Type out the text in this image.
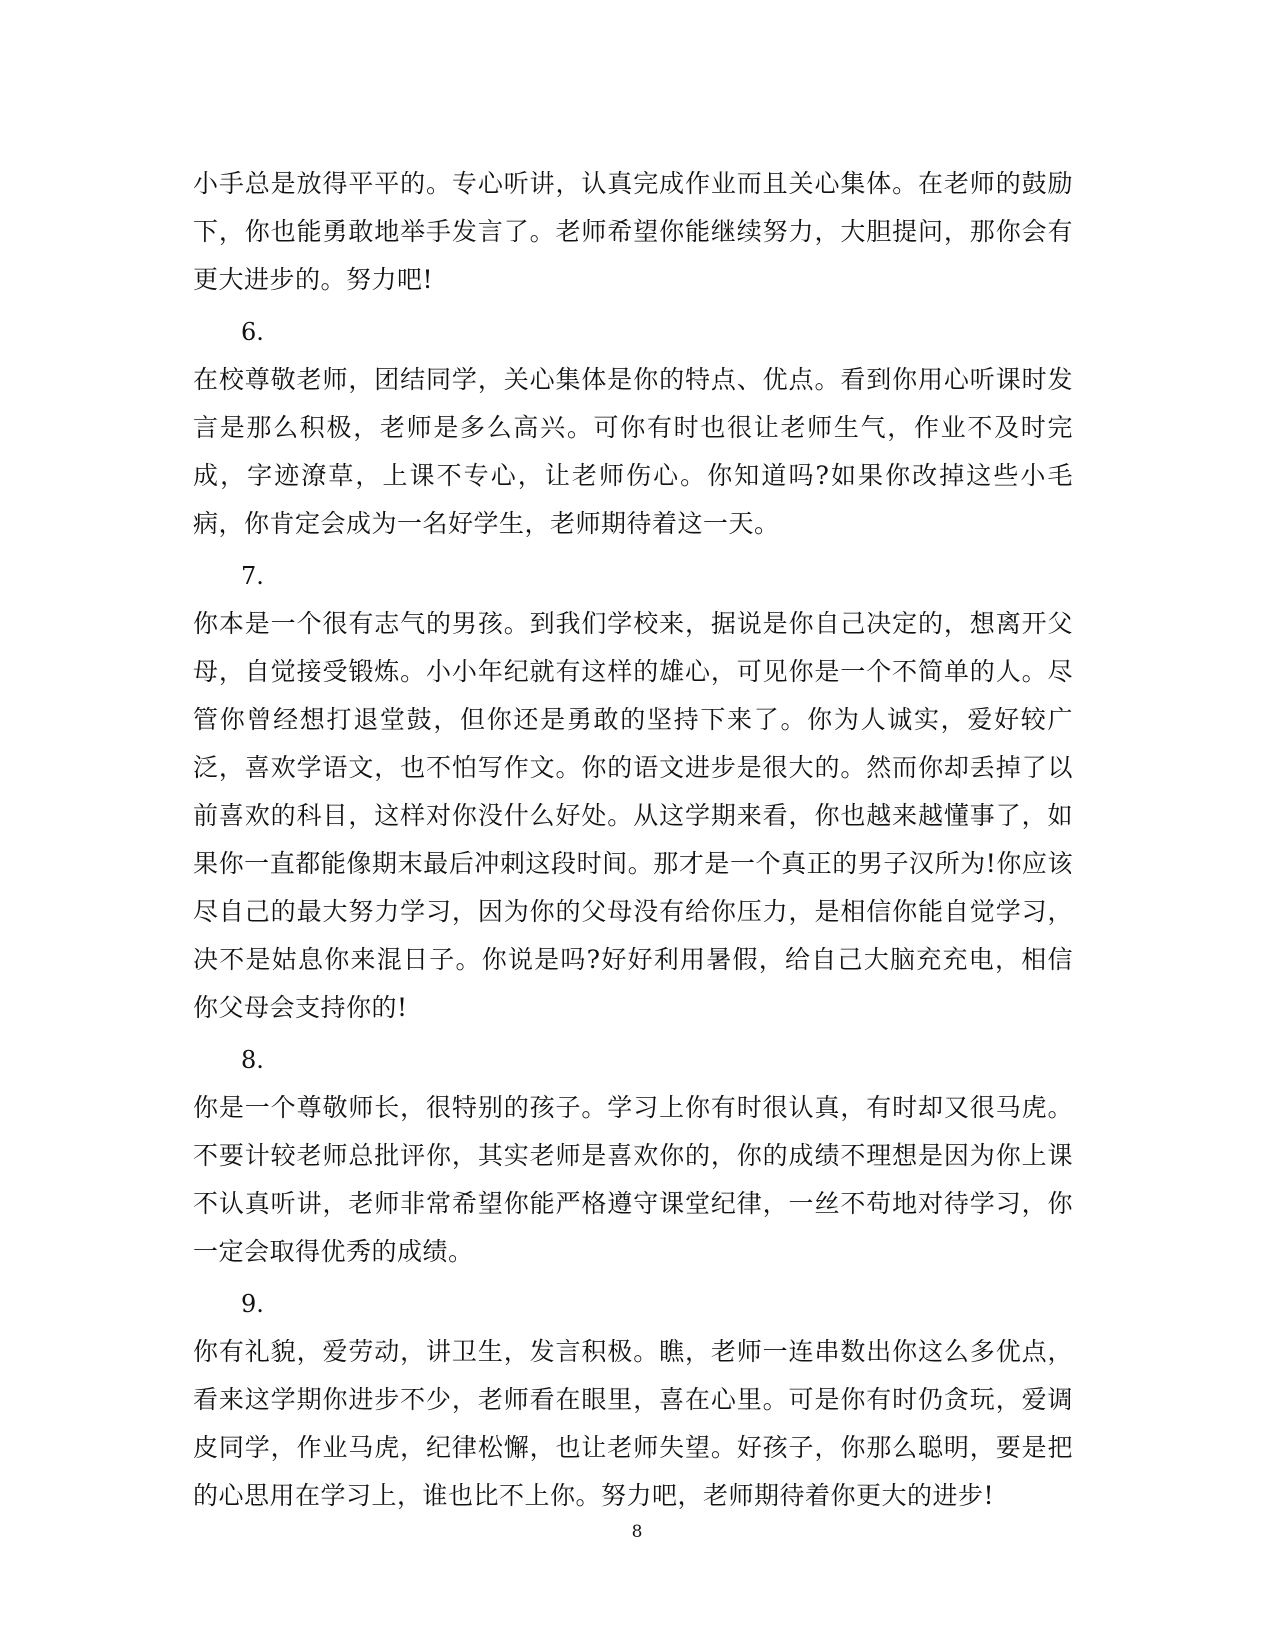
小手总是放得平平的。专心听讲，认真完成作业而且关心集体。在老师的鼓励下，你也能勇敢地举手发言了。老师希望你能继续努力，大胆提问，那你会有更大进步的。努力吧!

6.

在校尊敬老师，团结同学，关心集体是你的特点、优点。看到你用心听课时发言是那么积极，老师是多么高兴。可你有时也很让老师生气，作业不及时完成，字迹潦草，上课不专心，让老师伤心。你知道吗?如果你改掉这些小毛病，你肯定会成为一名好学生，老师期待着这一天。

7.

你本是一个很有志气的男孩。到我们学校来，据说是你自己决定的，想离开父母，自觉接受锻炼。小小年纪就有这样的雄心，可见你是一个不简单的人。尽管你曾经想打退堂鼓，但你还是勇敢的坚持下来了。你为人诚实，爱好较广泛，喜欢学语文，也不怕写作文。你的语文进步是很大的。然而你却丢掉了以前喜欢的科目，这样对你没什么好处。从这学期来看，你也越来越懂事了，如果你一直都能像期末最后冲刺这段时间。那才是一个真正的男子汉所为!你应该尽自己的最大努力学习，因为你的父母没有给你压力，是相信你能自觉学习，决不是姑息你来混日子。你说是吗?好好利用暑假，给自己大脑充充电，相信你父母会支持你的!

8.

你是一个尊敬师长，很特别的孩子。学习上你有时很认真，有时却又很马虎。不要计较老师总批评你，其实老师是喜欢你的，你的成绩不理想是因为你上课不认真听讲，老师非常希望你能严格遵守课堂纪律，一丝不苟地对待学习，你一定会取得优秀的成绩。

9.

你有礼貌，爱劳动，讲卫生，发言积极。瞧，老师一连串数出你这么多优点，看来这学期你进步不少，老师看在眼里，喜在心里。可是你有时仍贪玩，爱调皮同学，作业马虎，纪律松懈，也让老师失望。好孩子，你那么聪明，要是把的心思用在学习上，谁也比不上你。努力吧，老师期待着你更大的进步!

8
